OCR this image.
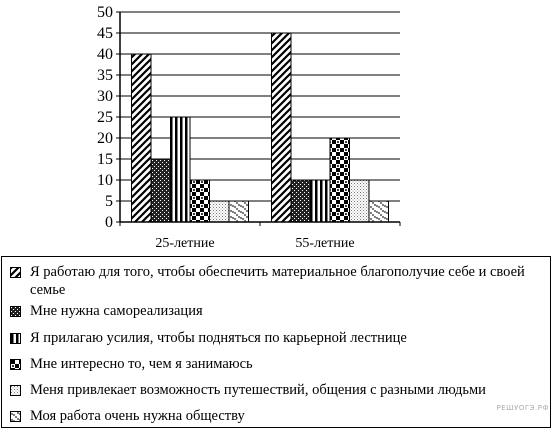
0
5
10
15
20
25
30
35
40
45
50
25-летние	55-летние
Я работаю для того, чтобы обеспечить материальное благополучие себе и своей семье
Мне нужна самореализация
Я прилагаю усилия, чтобы подняться по карьерной лестнице
Мне интересно то, чем я занимаюсь
Меня привлекает возможность путешествий, общения с разными людьми
Моя работа очень нужна обществу	РЕШУОГЭ.РФ
